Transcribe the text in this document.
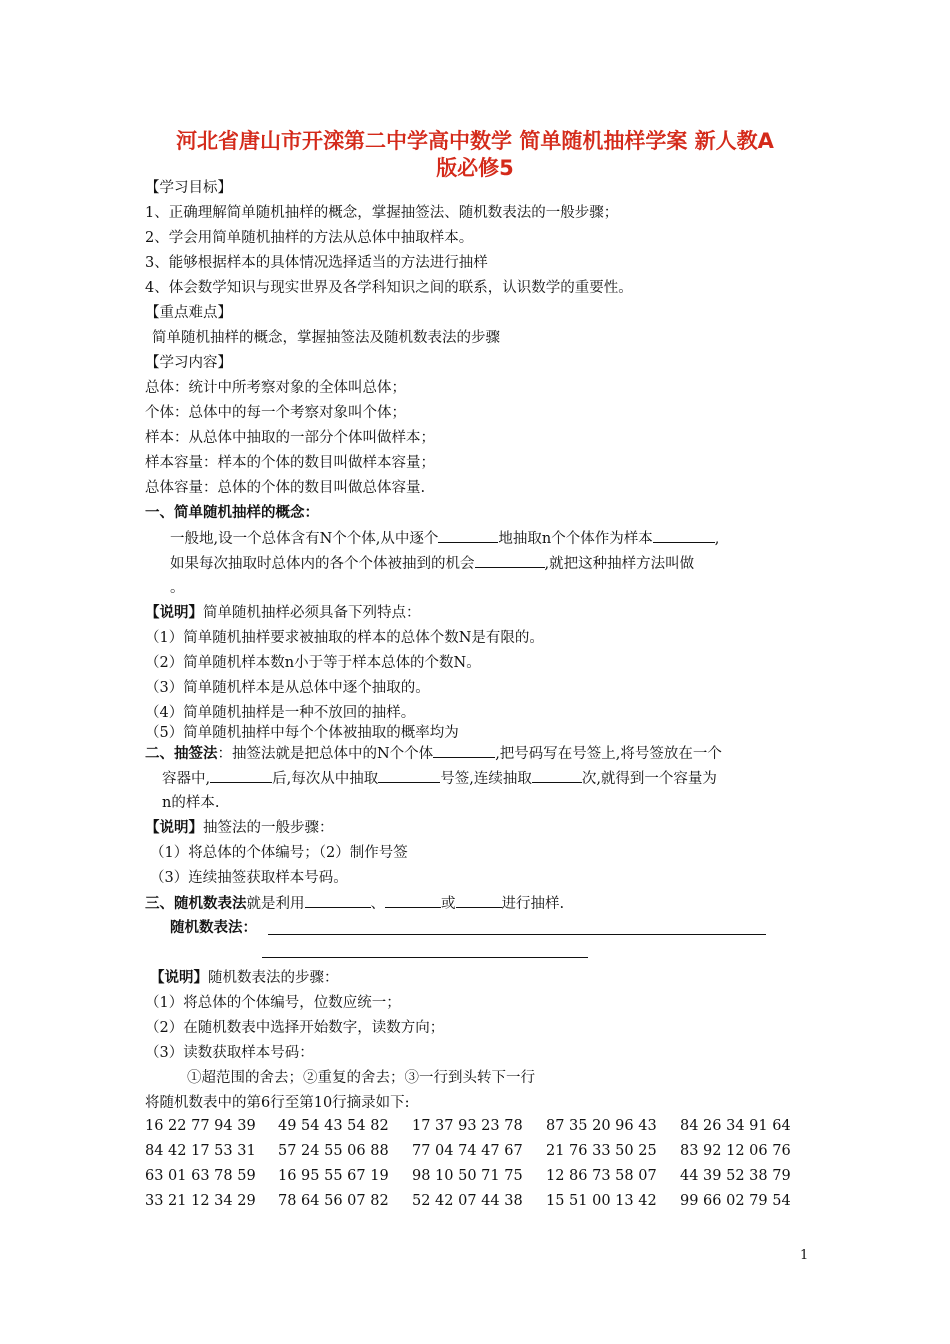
河北省唐山市开滦第二中学高中数学 简单随机抽样学案 新人教A
版必修5
【学习目标】
1、正确理解简单随机抽样的概念，掌握抽签法、随机数表法的一般步骤；
2、学会用简单随机抽样的方法从总体中抽取样本。
3、能够根据样本的具体情况选择适当的方法进行抽样
4、体会数学知识与现实世界及各学科知识之间的联系，认识数学的重要性。
【重点难点】
简单随机抽样的概念，掌握抽签法及随机数表法的步骤
【学习内容】
总体：统计中所考察对象的全体叫总体；
个体：总体中的每一个考察对象叫个体；
样本：从总体中抽取的一部分个体叫做样本；
样本容量：样本的个体的数目叫做样本容量；
总体容量：总体的个体的数目叫做总体容量.
一、简单随机抽样的概念：
一般地,设一个总体含有N个个体,从中逐个	地抽取n个个体作为样本	,
如果每次抽取时总体内的各个个体被抽到的机会	,就把这种抽样方法叫做
。
【说明】简单随机抽样必须具备下列特点：
（1）简单随机抽样要求被抽取的样本的总体个数N是有限的。
（2）简单随机样本数n小于等于样本总体的个数N。
（3）简单随机样本是从总体中逐个抽取的。
（4）简单随机抽样是一种不放回的抽样。
（5）简单随机抽样中每个个体被抽取的概率均为
二、抽签法：抽签法就是把总体中的N个个体	,把号码写在号签上,将号签放在一个
容器中,	后,每次从中抽取	号签,连续抽取	次,就得到一个容量为
n的样本.
【说明】抽签法的一般步骤：
（1）将总体的个体编号；（2）制作号签
（3）连续抽签获取样本号码。
三、随机数表法就是利用	、	或	进行抽样.
随机数表法：
【说明】随机数表法的步骤：
（1）将总体的个体编号，位数应统一；
（2）在随机数表中选择开始数字，读数方向；
（3）读数获取样本号码：
①超范围的舍去；②重复的舍去；③一行到头转下一行
将随机数表中的第6行至第10行摘录如下:
16 22 77 94 39 49 54 43 54 82 17 37 93 23 78 87 35 20 96 43 84 26 34 91 64
84 42 17 53 31 57 24 55 06 88 77 04 74 47 67 21 76 33 50 25 83 92 12 06 76
63 01 63 78 59 16 95 55 67 19 98 10 50 71 75 12 86 73 58 07 44 39 52 38 79
33 21 12 34 29 78 64 56 07 82 52 42 07 44 38 15 51 00 13 42 99 66 02 79 54
1
